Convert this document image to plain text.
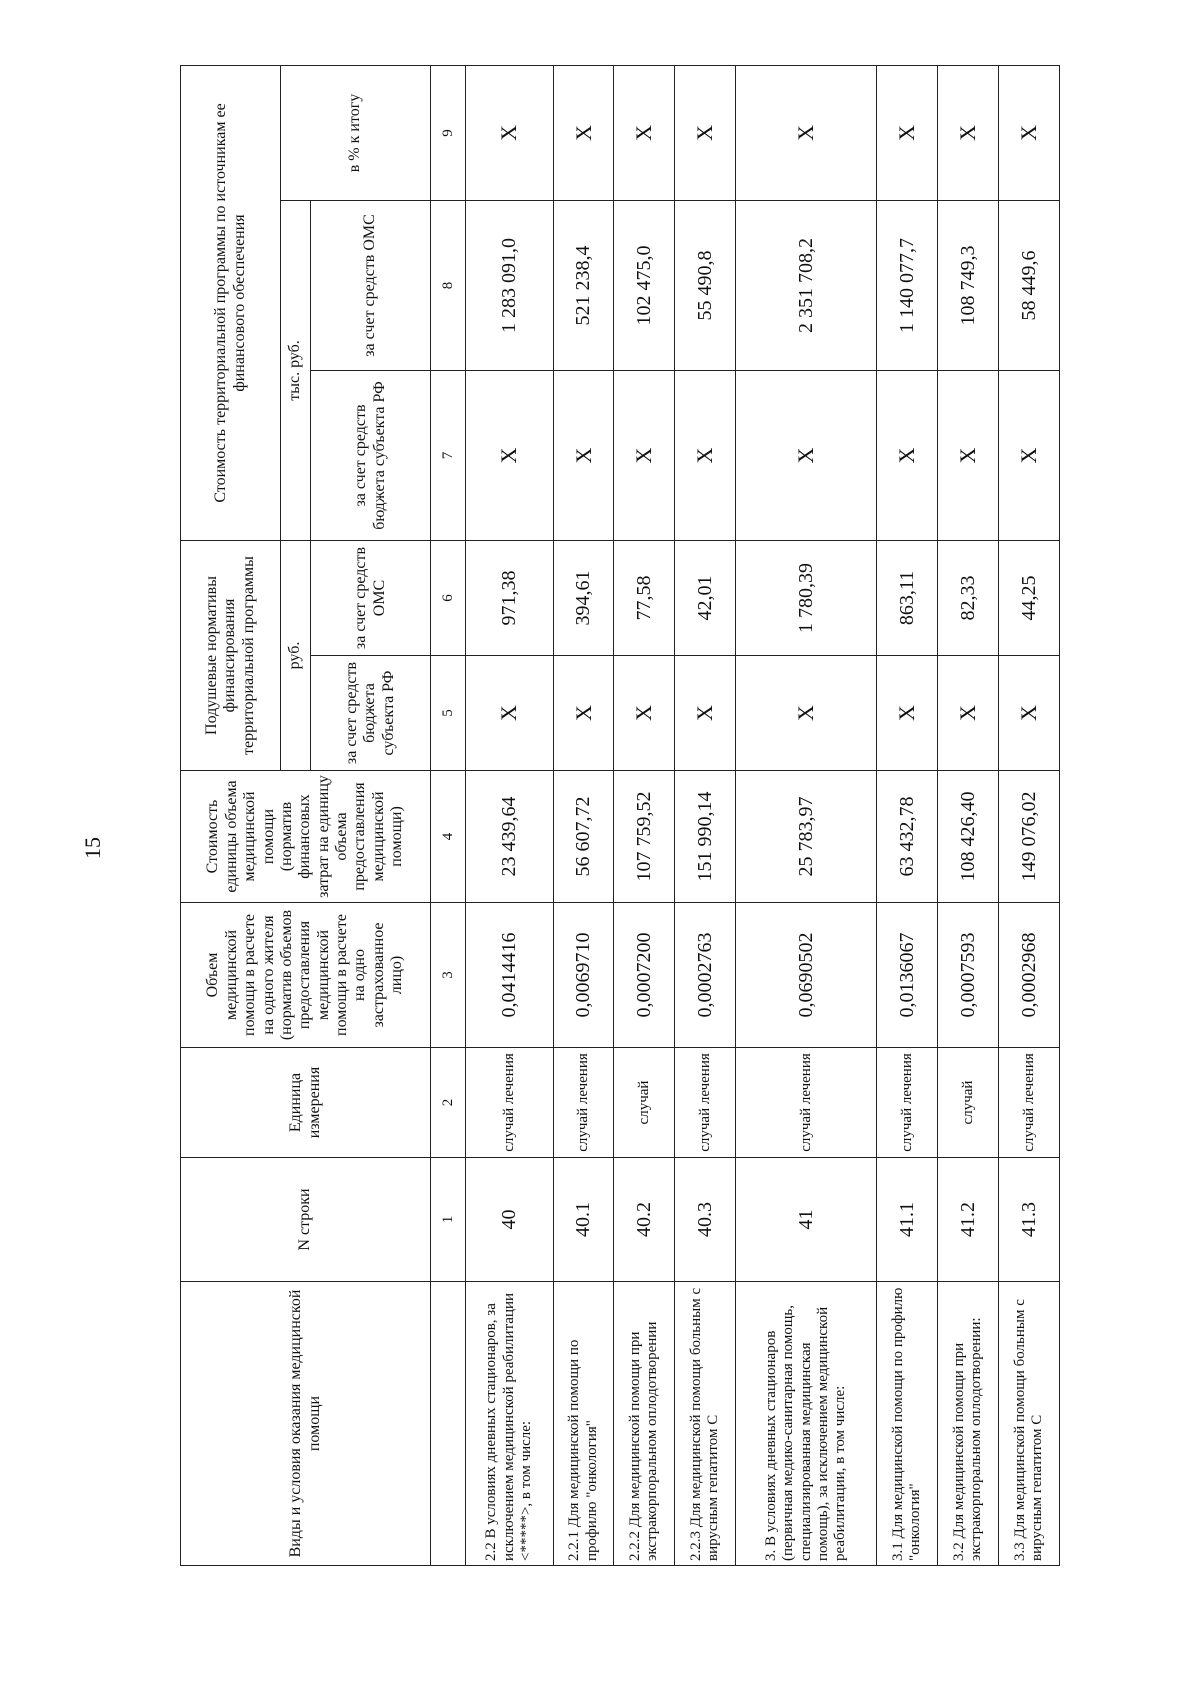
15
Виды и условия оказания медицинской помощи	N строки	Единица измерения	Объем медицинской помощи в расчете на одного жителя (норматив объемов предоставления медицинской помощи в расчете на одно застрахованное лицо)	Стоимость единицы объема медицинской помощи (норматив финансовых затрат на единицу объема предоставления медицинской помощи)	Подушевые нормативы финансирования территориальной программы		Стоимость территориальной программы по источникам ее финансового обеспечения		
					руб.		тыс. руб.		в % к итогу
					за счет средств бюджета субъекта РФ	за счет средств ОМС	за счет средств бюджета субъекта РФ	за счет средств ОМС	
	1	2	3	4	5	6	7	8	9
2.2 В условиях дневных стационаров, за исключением медицинской реабилитации <*****>, в том числе:	40	случай лечения	0,0414416	23 439,64	X	971,38	X	1 283 091,0	X
2.2.1 Для медицинской помощи по профилю "онкология"	40.1	случай лечения	0,0069710	56 607,72	X	394,61	X	521 238,4	X
2.2.2 Для медицинской помощи при экстракорпоральном оплодотворении	40.2	случай	0,0007200	107 759,52	X	77,58	X	102 475,0	X
2.2.3 Для медицинской помощи больным с вирусным гепатитом С	40.3	случай лечения	0,0002763	151 990,14	X	42,01	X	55 490,8	X
3. В условиях дневных стационаров (первичная медико-санитарная помощь, специализированная медицинская помощь), за исключением медицинской реабилитации, в том числе:	41	случай лечения	0,0690502	25 783,97	X	1 780,39	X	2 351 708,2	X
3.1 Для медицинской помощи по профилю "онкология"	41.1	случай лечения	0,0136067	63 432,78	X	863,11	X	1 140 077,7	X
3.2 Для медицинской помощи при экстракорпоральном оплодотворении:	41.2	случай	0,0007593	108 426,40	X	82,33	X	108 749,3	X
3.3 Для медицинской помощи больным с вирусным гепатитом С	41.3	случай лечения	0,0002968	149 076,02	X	44,25	X	58 449,6	X
